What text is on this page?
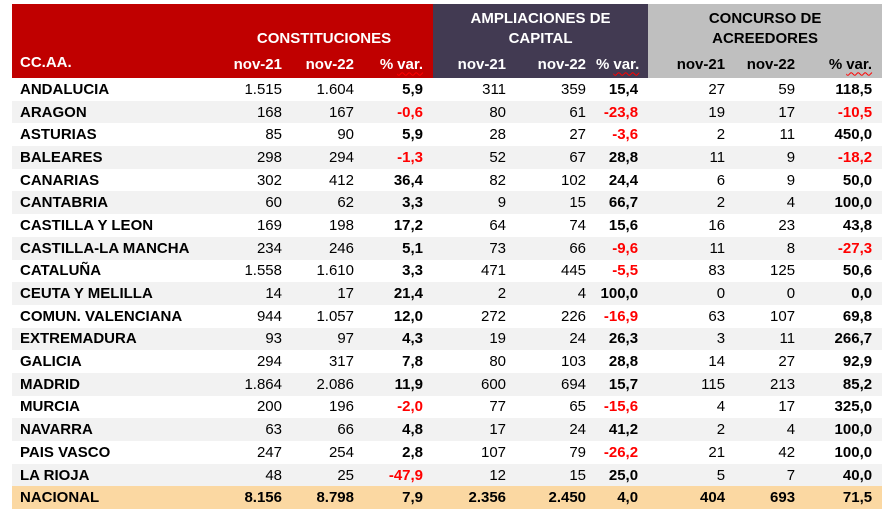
	CONSTITUCIONES			AMPLIACIONES DE CAPITAL			CONCURSO DE ACREEDORES		
CC.AA.	nov-21	nov-22	% var.	nov-21	nov-22	% var.	nov-21	nov-22	% var.
ANDALUCIA	1.515	1.604	5,9	311	359	15,4	27	59	118,5
ARAGON	168	167	-0,6	80	61	-23,8	19	17	-10,5
ASTURIAS	85	90	5,9	28	27	-3,6	2	11	450,0
BALEARES	298	294	-1,3	52	67	28,8	11	9	-18,2
CANARIAS	302	412	36,4	82	102	24,4	6	9	50,0
CANTABRIA	60	62	3,3	9	15	66,7	2	4	100,0
CASTILLA Y LEON	169	198	17,2	64	74	15,6	16	23	43,8
CASTILLA-LA MANCHA	234	246	5,1	73	66	-9,6	11	8	-27,3
CATALUÑA	1.558	1.610	3,3	471	445	-5,5	83	125	50,6
CEUTA Y MELILLA	14	17	21,4	2	4	100,0	0	0	0,0
COMUN. VALENCIANA	944	1.057	12,0	272	226	-16,9	63	107	69,8
EXTREMADURA	93	97	4,3	19	24	26,3	3	11	266,7
GALICIA	294	317	7,8	80	103	28,8	14	27	92,9
MADRID	1.864	2.086	11,9	600	694	15,7	115	213	85,2
MURCIA	200	196	-2,0	77	65	-15,6	4	17	325,0
NAVARRA	63	66	4,8	17	24	41,2	2	4	100,0
PAIS VASCO	247	254	2,8	107	79	-26,2	21	42	100,0
LA RIOJA	48	25	-47,9	12	15	25,0	5	7	40,0
NACIONAL	8.156	8.798	7,9	2.356	2.450	4,0	404	693	71,5
